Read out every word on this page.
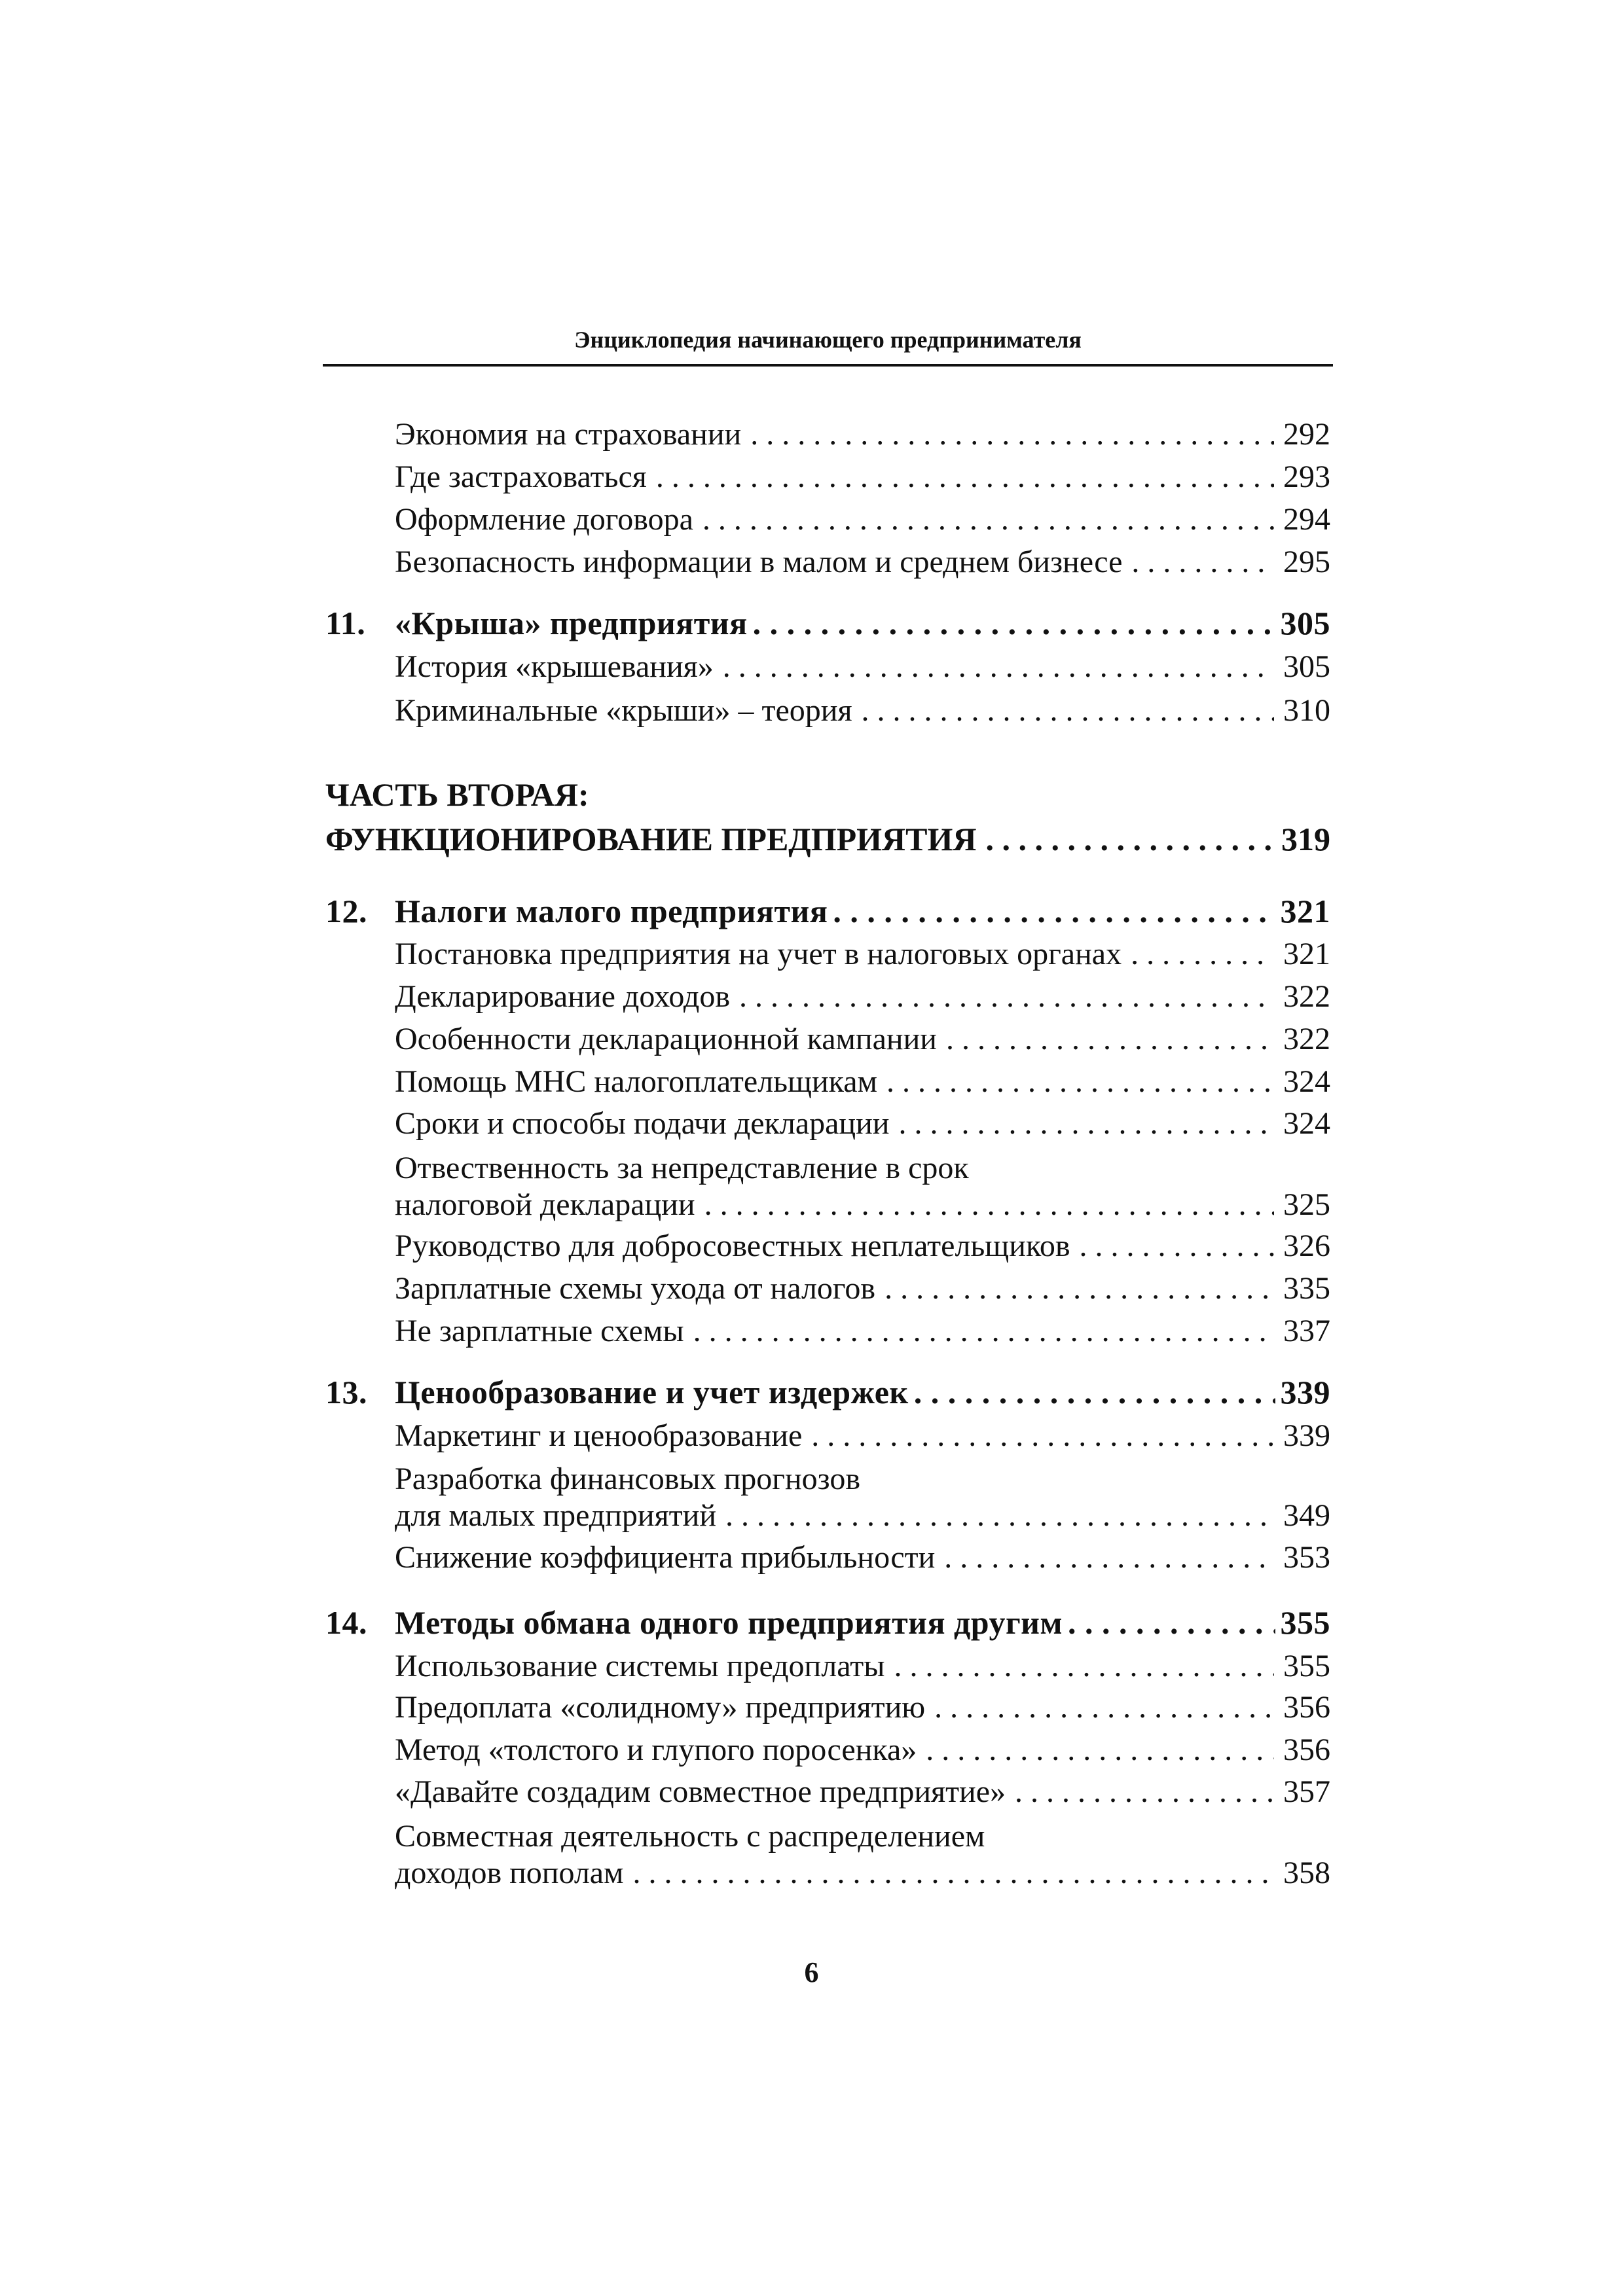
Энциклопедия начинающего предпринимателя
Экономия на страховании . . .	292
Где застраховаться . . .	293
Оформление договора . . .	294
Безопасность информации в малом и среднем бизнесе . . .	295
11. «Крыша» предприятия . . .	305
История «крышевания» . . .	305
Криминальные «крыши» – теория . . .	310
ЧАСТЬ ВТОРАЯ:
ФУНКЦИОНИРОВАНИЕ ПРЕДПРИЯТИЯ . . .	319
12. Налоги малого предприятия . . .	321
Постановка предприятия на учет в налоговых органах . . .	321
Декларирование доходов . . .	322
Особенности декларационной кампании . . .	322
Помощь МНС налогоплательщикам . . .	324
Сроки и способы подачи декларации . . .	324
Отвественность за непредставление в срок
налоговой декларации . . .	325
Руководство для добросовестных неплательщиков . . .	326
Зарплатные схемы ухода от налогов . . .	335
Не зарплатные схемы . . .	337
13. Ценообразование и учет издержек . . .	339
Маркетинг и ценообразование . . .	339
Разработка финансовых прогнозов
для малых предприятий . . .	349
Снижение коэффициента прибыльности . . .	353
14. Методы обмана одного предприятия другим . . .	355
Использование системы предоплаты . . .	355
Предоплата «солидному» предприятию . . .	356
Метод «толстого и глупого поросенка» . . .	356
«Давайте создадим совместное предприятие» . . .	357
Совместная деятельность с распределением
доходов пополам . . .	358
6
